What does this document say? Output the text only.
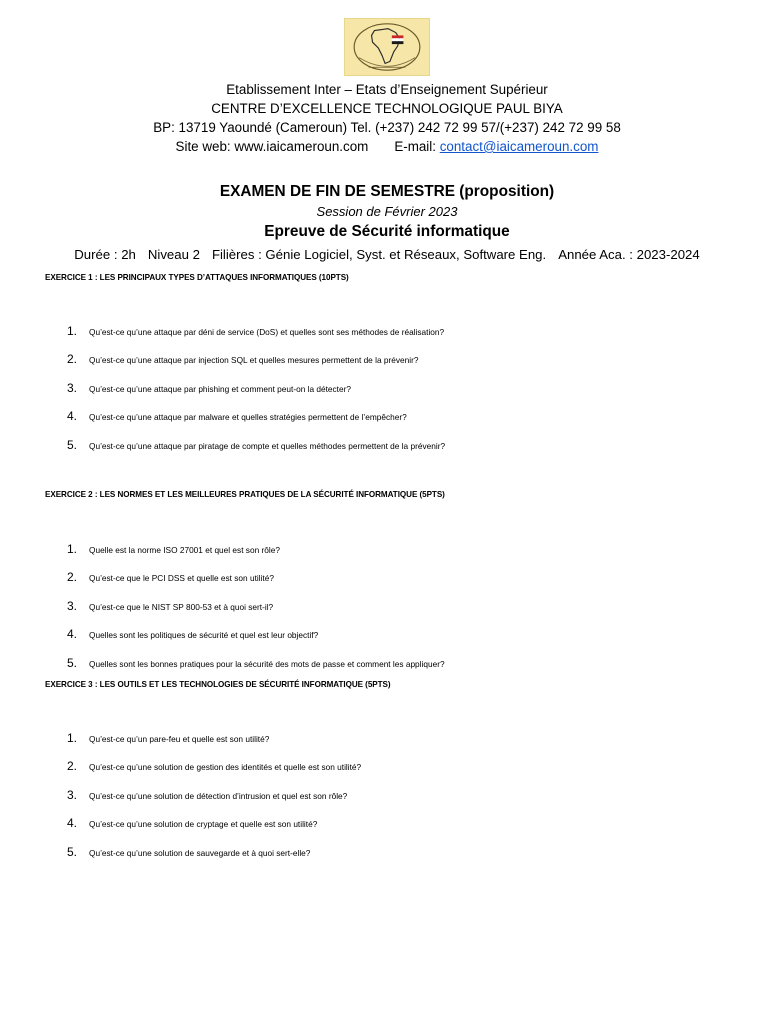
Etablissement Inter – Etats d’Enseignement Supérieur
CENTRE D’EXCELLENCE TECHNOLOGIQUE PAUL BIYA
BP: 13719 Yaoundé (Cameroun) Tel. (+237) 242 72 99 57/(+237) 242 72 99 58
Site web: www.iaicameroun.com E-mail: contact@iaicameroun.com
EXAMEN DE FIN DE SEMESTRE (proposition)
Session de Février 2023
Epreuve de Sécurité informatique
Durée : 2h Niveau 2 Filières : Génie Logiciel, Syst. et Réseaux, Software Eng. Année Aca. : 2023-2024
EXERCICE 1 : LES PRINCIPAUX TYPES D’ATTAQUES INFORMATIQUES (10PTS)
1. Qu’est-ce qu’une attaque par déni de service (DoS) et quelles sont ses méthodes de réalisation?
2. Qu’est-ce qu’une attaque par injection SQL et quelles mesures permettent de la prévenir?
3. Qu’est-ce qu’une attaque par phishing et comment peut-on la détecter?
4. Qu’est-ce qu’une attaque par malware et quelles stratégies permettent de l’empêcher?
5. Qu’est-ce qu’une attaque par piratage de compte et quelles méthodes permettent de la prévenir?
EXERCICE 2 : LES NORMES ET LES MEILLEURES PRATIQUES DE LA SÉCURITÉ INFORMATIQUE (5PTS)
1. Quelle est la norme ISO 27001 et quel est son rôle?
2. Qu’est-ce que le PCI DSS et quelle est son utilité?
3. Qu’est-ce que le NIST SP 800-53 et à quoi sert-il?
4. Quelles sont les politiques de sécurité et quel est leur objectif?
5. Quelles sont les bonnes pratiques pour la sécurité des mots de passe et comment les appliquer?
EXERCICE 3 : LES OUTILS ET LES TECHNOLOGIES DE SÉCURITÉ INFORMATIQUE (5PTS)
1. Qu’est-ce qu’un pare-feu et quelle est son utilité?
2. Qu’est-ce qu’une solution de gestion des identités et quelle est son utilité?
3. Qu’est-ce qu’une solution de détection d’intrusion et quel est son rôle?
4. Qu’est-ce qu’une solution de cryptage et quelle est son utilité?
5. Qu’est-ce qu’une solution de sauvegarde et à quoi sert-elle?
